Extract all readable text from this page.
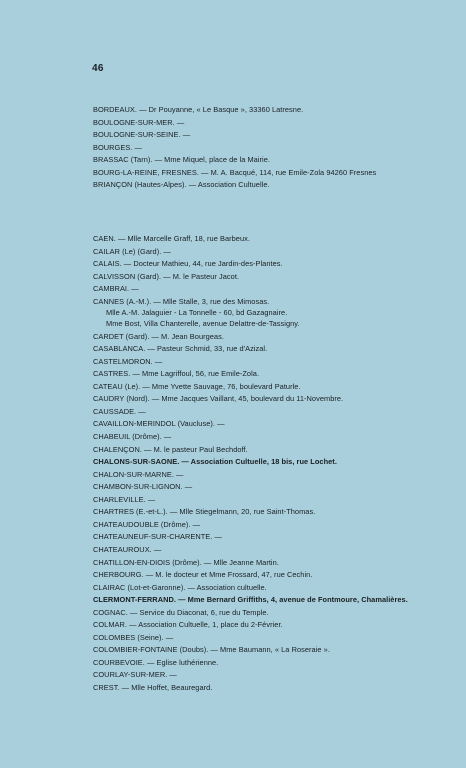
46
BORDEAUX. — Dr Pouyanne, « Le Basque », 33360 Latresne.
BOULOGNE-SUR-MER. —
BOULOGNE-SUR-SEINE. —
BOURGES. —
BRASSAC (Tarn). — Mme Miquel, place de la Mairie.
BOURG-LA-REINE, FRESNES. — M. A. Bacqué, 114, rue Emile-Zola 94260 Fresnes
BRIANÇON (Hautes-Alpes). — Association Cultuelle.
CAEN. — Mlle Marcelle Graff, 18, rue Barbeux.
CAILAR (Le) (Gard). —
CALAIS. — Docteur Mathieu, 44, rue Jardin-des-Plantes.
CALVISSON (Gard). — M. le Pasteur Jacot.
CAMBRAI. —
CANNES (A.-M.). — Mlle Stalle, 3, rue des Mimosas.
Mlle A.-M. Jalaguier - La Tonnelle - 60, bd Gazagnaire.
Mme Bost, Villa Chanterelle, avenue Delattre-de-Tassigny.
CARDET (Gard). — M. Jean Bourgeas.
CASABLANCA. — Pasteur Schmid, 33, rue d'Azizal.
CASTELMORON. —
CASTRES. — Mme Lagriffoul, 56, rue Emile-Zola.
CATEAU (Le). — Mme Yvette Sauvage, 76, boulevard Paturle.
CAUDRY (Nord). — Mme Jacques Vaillant, 45, boulevard du 11-Novembre.
CAUSSADE. —
CAVAILLON-MERINDOL (Vaucluse). —
CHABEUIL (Drôme). —
CHALENÇON. — M. le pasteur Paul Bechdoff.
CHALONS-SUR-SAONE. — Association Cultuelle, 18 bis, rue Lochet.
CHALON-SUR-MARNE. —
CHAMBON-SUR-LIGNON. —
CHARLEVILLE. —
CHARTRES (E.-et-L.). — Mlle Stiegelmann, 20, rue Saint-Thomas.
CHATEAUDOUBLE (Drôme). —
CHATEAUNEUF-SUR-CHARENTE. —
CHATEAUROUX. —
CHATILLON-EN-DIOIS (Drôme). — Mlle Jeanne Martin.
CHERBOURG. — M. le docteur et Mme Frossard, 47, rue Cechin.
CLAIRAC (Lot-et-Garonne). — Association cultuelle.
CLERMONT-FERRAND. — Mme Bernard Griffiths, 4, avenue de Fontmoure, Chamalières.
COGNAC. — Service du Diaconat, 6, rue du Temple.
COLMAR. — Association Cultuelle, 1, place du 2-Février.
COLOMBES (Seine). —
COLOMBIER-FONTAINE (Doubs). — Mme Baumann, « La Roseraie ».
COURBEVOIE. — Eglise luthérienne.
COURLAY-SUR-MER. —
CREST. — Mlle Hoffet, Beauregard.
